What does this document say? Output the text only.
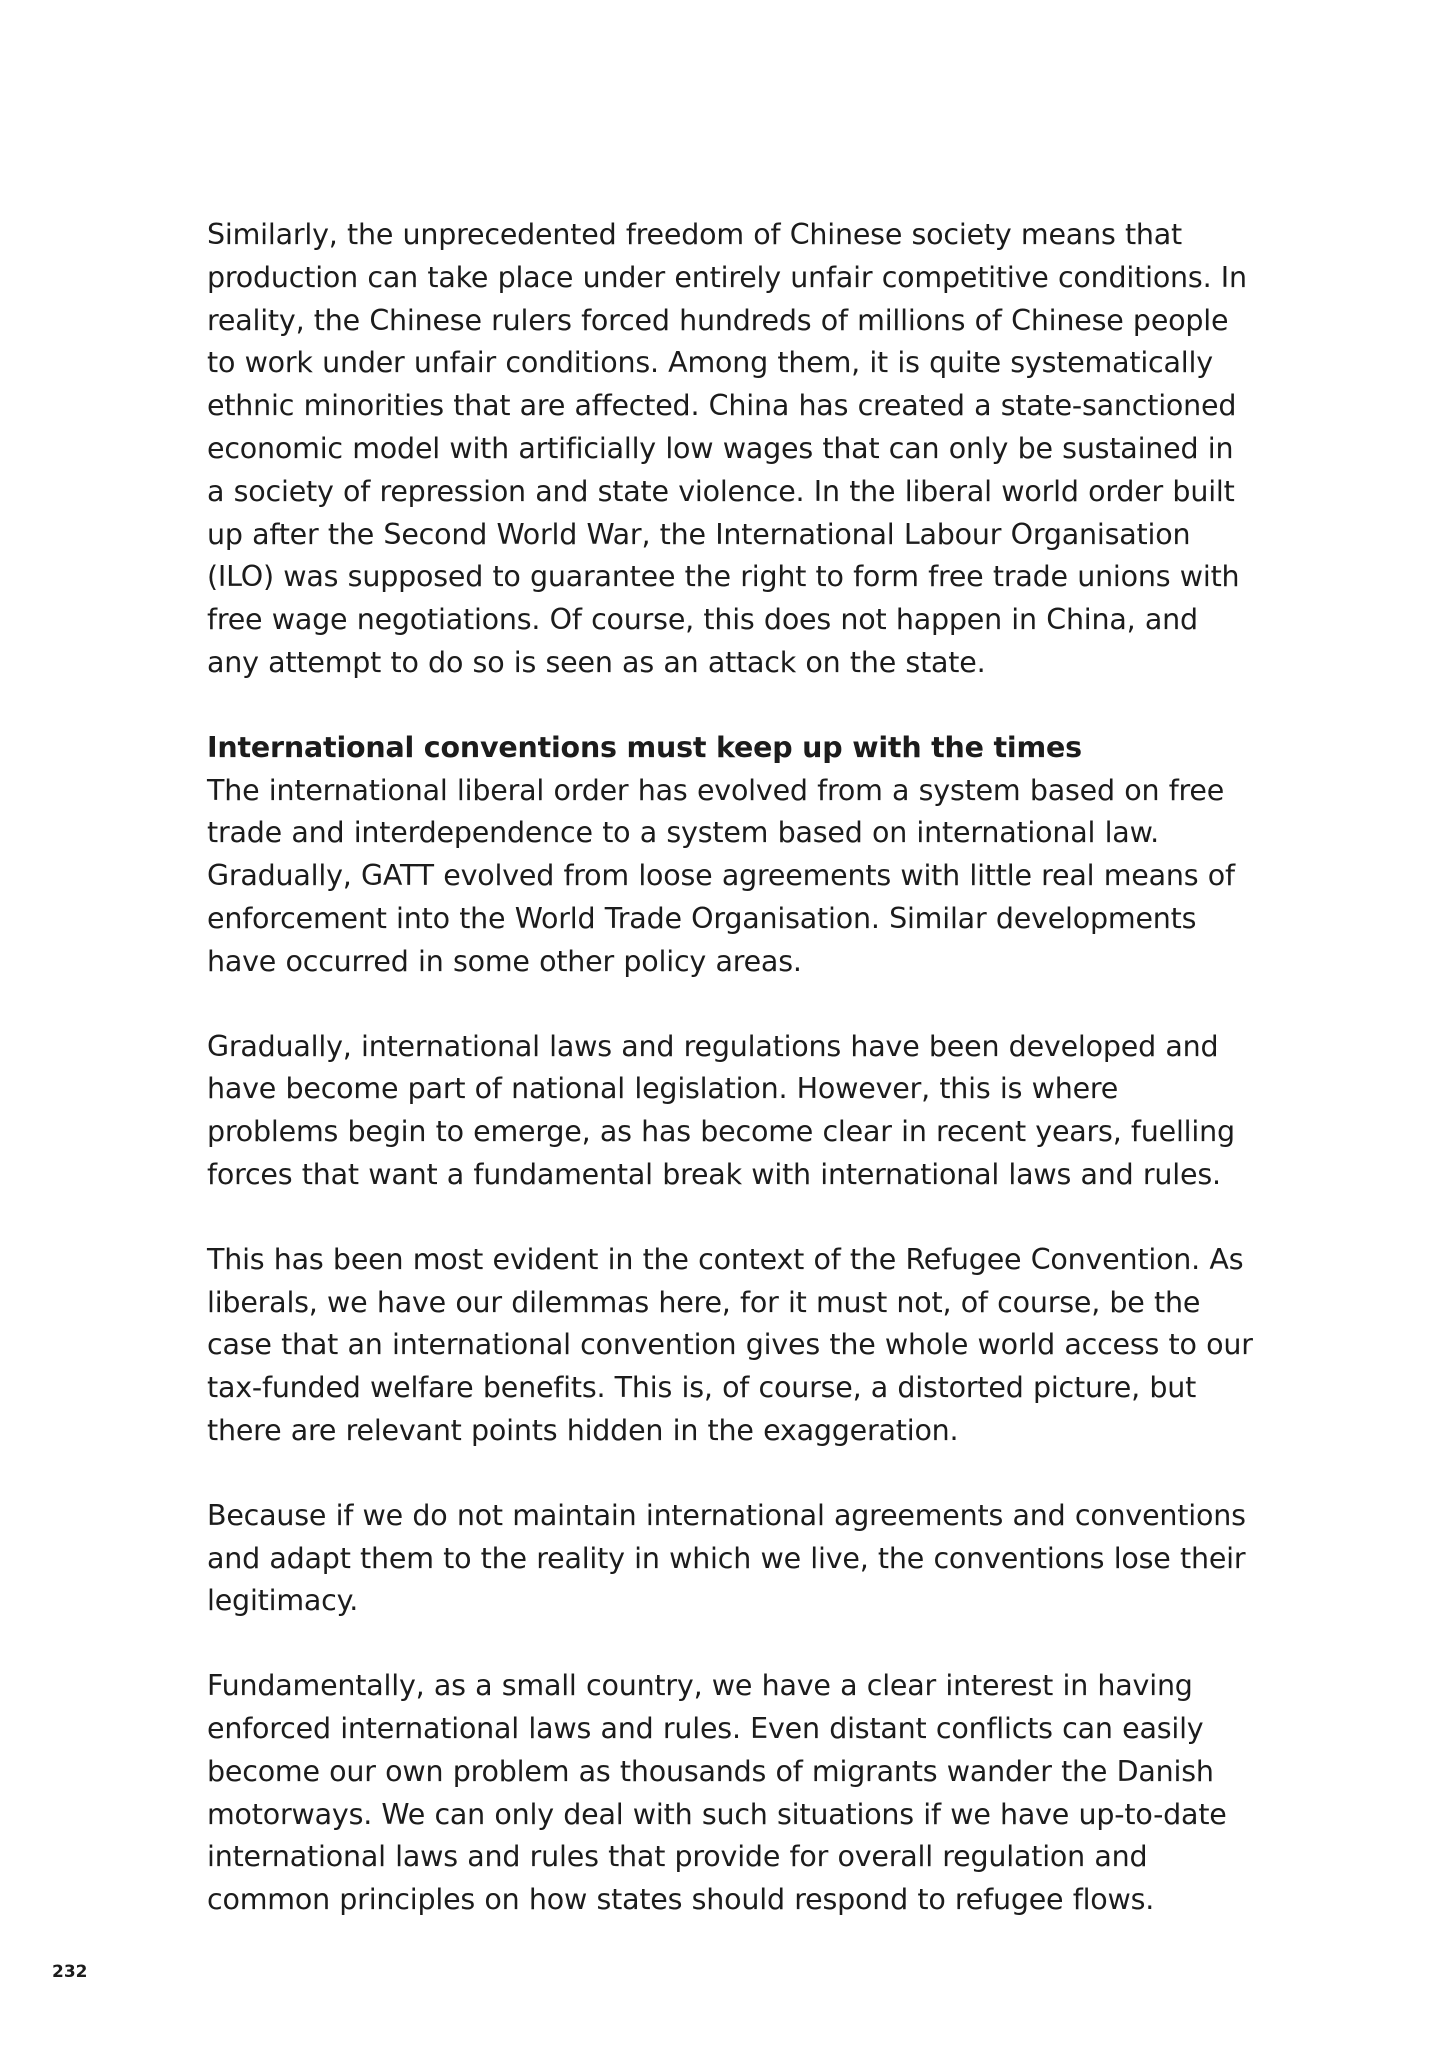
Similarly, the unprecedented freedom of Chinese society means that production can take place under entirely unfair competitive conditions. In reality, the Chinese rulers forced hundreds of millions of Chinese people to work under unfair conditions. Among them, it is quite systematically ethnic minorities that are affected. China has created a state-sanctioned economic model with artificially low wages that can only be sustained in a society of repression and state violence. In the liberal world order built up after the Second World War, the International Labour Organisation (ILO) was supposed to guarantee the right to form free trade unions with free wage negotiations. Of course, this does not happen in China, and any attempt to do so is seen as an attack on the state.

International conventions must keep up with the times

The international liberal order has evolved from a system based on free trade and interdependence to a system based on international law. Gradually, GATT evolved from loose agreements with little real means of enforcement into the World Trade Organisation. Similar developments have occurred in some other policy areas.

Gradually, international laws and regulations have been developed and have become part of national legislation. However, this is where problems begin to emerge, as has become clear in recent years, fuelling forces that want a fundamental break with international laws and rules.

This has been most evident in the context of the Refugee Convention. As liberals, we have our dilemmas here, for it must not, of course, be the case that an international convention gives the whole world access to our tax-funded welfare benefits. This is, of course, a distorted picture, but there are relevant points hidden in the exaggeration.

Because if we do not maintain international agreements and conventions and adapt them to the reality in which we live, the conventions lose their legitimacy.

Fundamentally, as a small country, we have a clear interest in having enforced international laws and rules. Even distant conflicts can easily become our own problem as thousands of migrants wander the Danish motorways. We can only deal with such situations if we have up-to-date international laws and rules that provide for overall regulation and common principles on how states should respond to refugee flows.

232
